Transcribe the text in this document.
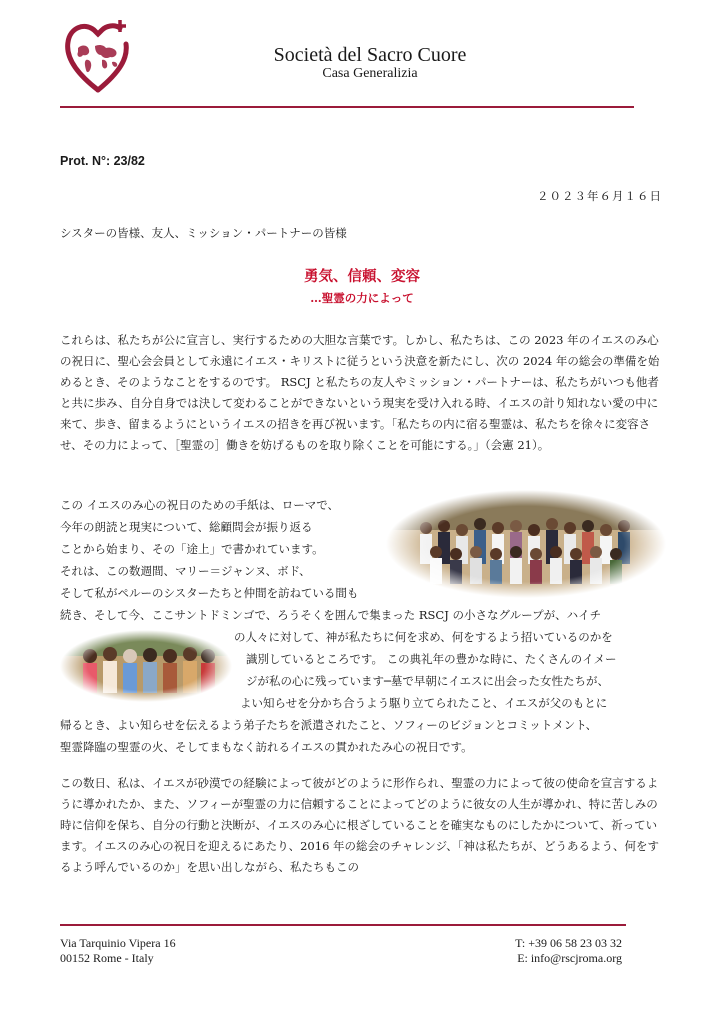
Società del Sacro Cuore
Casa Generalizia
Prot. N°: 23/82
２０２３年６月１６日
シスターの皆様、友人、ミッション・パートナーの皆様
勇気、信頼、変容
…聖霊の力によって

これらは、私たちが公に宣言し、実行するための大胆な言葉です。しかし、私たちは、この 2023 年のイエスのみ心の祝日に、聖心会会員として永遠にイエス・キリストに従うという決意を新たにし、次の 2024 年の総会の準備を始めるとき、そのようなことをするのです。 RSCJ と私たちの友人やミッション・パートナーは、私たちがいつも他者と共に歩み、自分自身では決して変わることができないという現実を受け入れる時、イエスの計り知れない愛の中に来て、歩き、留まるようにというイエスの招きを再び祝います。「私たちの内に宿る聖霊は、私たちを徐々に変容させ、その力によって、［聖霊の］働きを妨げるものを取り除くことを可能にする。」（会憲 21）。

この イエスのみ心の祝日のための手紙は、ローマで、
今年の朗読と現実について、総顧問会が振り返る
ことから始まり、その「途上」で書かれています。
それは、この数週間、マリー＝ジャンヌ、ボド、
そして私がペルーのシスターたちと仲間を訪ねている間も
続き、そして今、ここサントドミンゴで、ろうそくを囲んで集まった RSCJ の小さなグループが、ハイチ
の人々に対して、神が私たちに何を求め、何をするよう招いているのかを
識別しているところです。 この典礼年の豊かな時に、たくさんのイメー
ジが私の心に残っています─墓で早朝にイエスに出会った女性たちが、
よい知らせを分かち合うよう駆り立てられたこと、イエスが父のもとに
帰るとき、よい知らせを伝えるよう弟子たちを派遣されたこと、ソフィーのビジョンとコミットメント、
聖霊降臨の聖霊の火、そしてまもなく訪れるイエスの貫かれたみ心の祝日です。

この数日、私は、イエスが砂漠での経験によって彼がどのように形作られ、聖霊の力によって彼の使命を宣言するように導かれたか、また、ソフィーが聖霊の力に信頼することによってどのように彼女の人生が導かれ、特に苦しみの時に信仰を保ち、自分の行動と決断が、イエスのみ心に根ざしていることを確実なものにしたかについて、祈っています。イエスのみ心の祝日を迎えるにあたり、2016 年の総会のチャレンジ、「神は私たちが、どうあるよう、何をするよう呼んでいるのか」を思い出しながら、私たちもこの

Via Tarquinio Vipera 16
00152 Rome - Italy
T: +39 06 58 23 03 32
E: info@rscjroma.org
